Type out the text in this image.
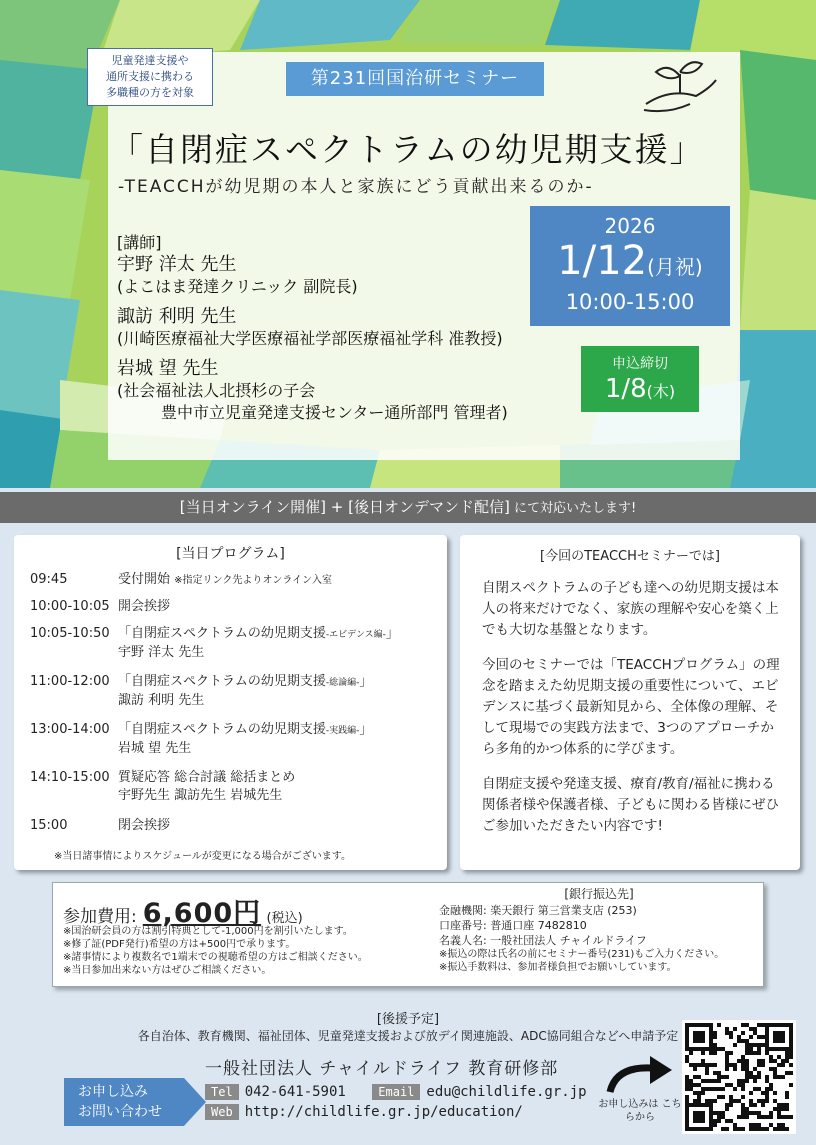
児童発達支援や
通所支援に携わる
多職種の方を対象
第231回国治研セミナー
「自閉症スペクトラムの幼児期支援」
-TEACCHが幼児期の本人と家族にどう貢献出来るのか-
[講師]
宇野 洋太 先生
(よこはま発達クリニック 副院長)
諏訪 利明 先生
(川崎医療福祉大学医療福祉学部医療福祉学科 准教授)
岩城 望 先生
(社会福祉法人北摂杉の子会
豊中市立児童発達支援センター通所部門 管理者)
2026
1/12(月祝)
10:00-15:00
申込締切
1/8(木)
[当日オンライン開催] + [後日オンデマンド配信] にて対応いたします!
[当日プログラム]
09:45	受付開始 ※指定リンク先よりオンライン入室
10:00-10:05 開会挨拶
10:05-10:50 「自閉症スペクトラムの幼児期支援-エビデンス編-」
宇野 洋太 先生
11:00-12:00 「自閉症スペクトラムの幼児期支援-総論編-」
諏訪 利明 先生
13:00-14:00 「自閉症スペクトラムの幼児期支援-実践編-」
岩城 望 先生
14:10-15:00 質疑応答 総合討議 総括まとめ
宇野先生 諏訪先生 岩城先生
15:00	閉会挨拶
※当日諸事情によりスケジュールが変更になる場合がございます。
[今回のTEACCHセミナーでは]

自閉スペクトラムの子ども達への幼児期支援は本人の将来だけでなく、家族の理解や安心を築く上でも大切な基盤となります。

今回のセミナーでは「TEACCHプログラム」の理念を踏まえた幼児期支援の重要性について、エビデンスに基づく最新知見から、全体像の理解、そして現場での実践方法まで、3つのアプローチから多角的かつ体系的に学びます。

自閉症支援や発達支援、療育/教育/福祉に携わる関係者様や保護者様、子どもに関わる皆様にぜひご参加いただきたい内容です!

参加費用: 6,600円 (税込)
※国治研会員の方は割引特典として-1,000円を割引いたします。
※修了証(PDF発行)希望の方は+500円で承ります。
※諸事情により複数名で1端末での視聴希望の方はご相談ください。
※当日参加出来ない方はぜひご相談ください。
[銀行振込先]
金融機関: 楽天銀行 第三営業支店 (253)
口座番号: 普通口座 7482810
名義人名: 一般社団法人 チャイルドライフ
※振込の際は氏名の前にセミナー番号(231)もご入力ください。
※振込手数料は、参加者様負担でお願いしています。
[後援予定]
各自治体、教育機関、福祉団体、児童発達支援および放デイ関連施設、ADC協同組合などへ申請予定
一般社団法人 チャイルドライフ 教育研修部
お申し込み
お問い合わせ
Tel 042-641-5901	Email edu@childlife.gr.jp
Web http://childlife.gr.jp/education/	お申し込みは こちらから
